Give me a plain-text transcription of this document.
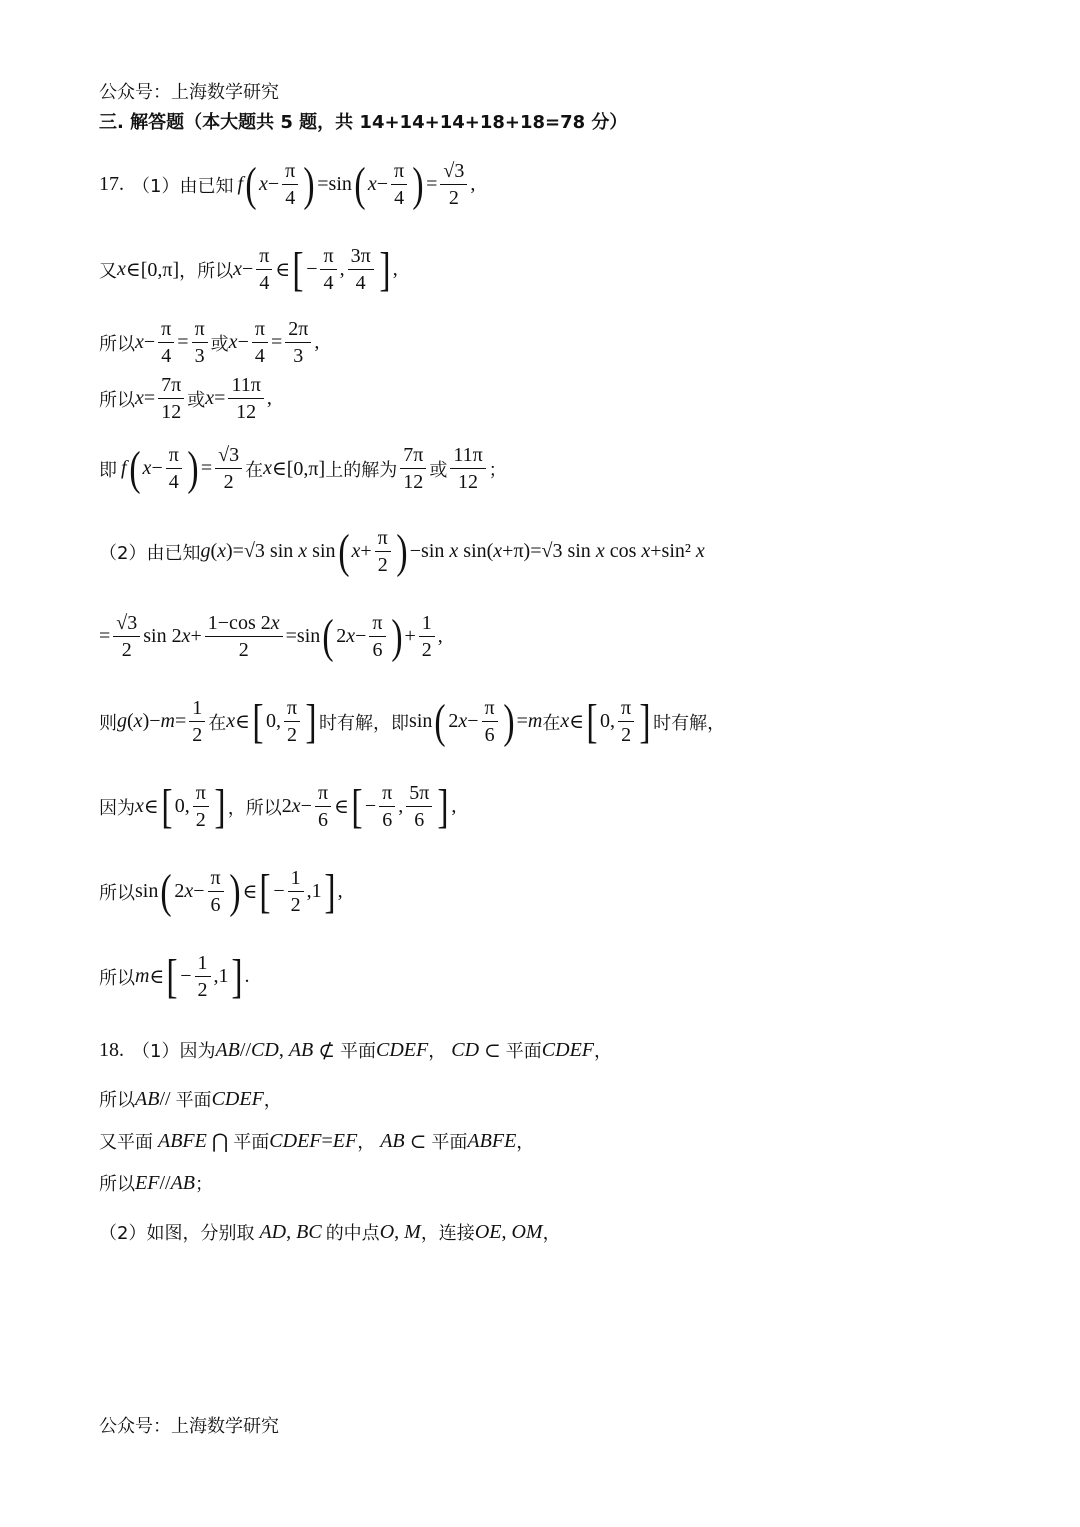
公众号：上海数学研究
三. 解答题（本大题共 5 题，共 14+14+14+18+18=78 分）
17. （1）由已知 f ( $x - \frac{\pi}{4}$ ) = sin ( $x - \frac{\pi}{4}$ ) = $\frac{√3}{2}$ ,
又 x ∈[0,π] ， 所以 $x - \frac{\pi}{4}$ ∈ [ − $\frac{\pi}{4}$ , $\frac{3\pi}{4}$ ] ,
所以 $x - \frac{\pi}{4} = \frac{\pi}{3}$ 或 $x - \frac{\pi}{4} = \frac{2\pi}{3}$ ,
所以 $x = \frac{7\pi}{12}$ 或 $x = \frac{11\pi}{12}$ ,
即 f ( $x - \frac{\pi}{4}$ ) = $\frac{√3}{2}$ 在 x ∈[0,π] 上的解为 $\frac{7\pi}{12}$ 或 $\frac{11\pi}{12}$ ；
（2）由已知 g ( x )=√3 sin x sin ( $x + \frac{\pi}{2}$ ) −sin x sin( x +π)=√3 sin x cos x +sin² x
= $\frac{√3}{2}$ sin 2 $x + \frac{1-\cos 2x}{2} =\sin$ ( 2 $x - \frac{\pi}{6}$ ) + $\frac{1}{2}$ ,
则 g ( x )− $m = \frac{1}{2}$ 在 x ∈ [ 0, $\frac{\pi}{2}$ ] 时有解，即 sin ( 2 $x - \frac{\pi}{6}$ ) = m 在 x ∈ [ 0, $\frac{\pi}{2}$ ] 时有解，
因为 x ∈ [ 0, $\frac{\pi}{2}$ ] ，所以 2 $x - \frac{\pi}{6}$ ∈ [ − $\frac{\pi}{6}$ , $\frac{5\pi}{6}$ ] ,
所以 sin ( 2 $x - \frac{\pi}{6}$ ) ∈ [ − $\frac{1}{2} ,1$ ] ,
所以 m ∈ [ − $\frac{1}{2} ,1$ ] .
18. （1）因为 AB // CD , AB ⊄ 平面 CDEF ， CD ⊂ 平面 CDEF ，
所以 AB // 平面 CDEF ，
又平面 ABFE ⋂ 平面 CDEF = EF ， AB ⊂ 平面 ABFE ，
所以 EF // AB ；
（2）如图，分别取 AD , BC 的中点 O , M ，连接 OE , OM ，
公众号：上海数学研究
